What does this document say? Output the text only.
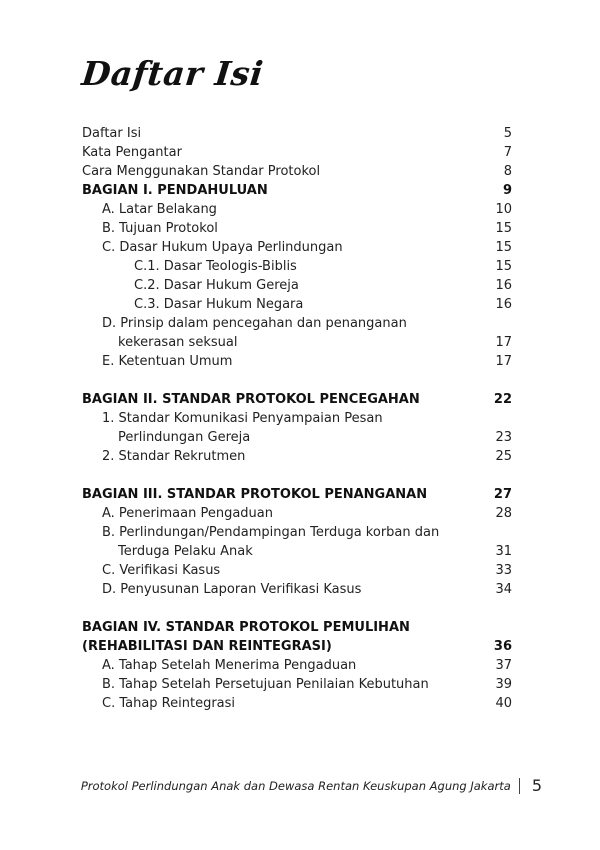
Daftar Isi
Daftar Isi	5
Kata Pengantar	7
Cara Menggunakan Standar Protokol	8
BAGIAN I. PENDAHULUAN	9
A. Latar Belakang	10
B. Tujuan Protokol	15
C. Dasar Hukum Upaya Perlindungan	15
C.1. Dasar Teologis-Biblis	15
C.2. Dasar Hukum Gereja	16
C.3. Dasar Hukum Negara	16
D. Prinsip dalam pencegahan dan penanganan
kekerasan seksual	17
E. Ketentuan Umum	17
BAGIAN II. STANDAR PROTOKOL PENCEGAHAN	22
1. Standar Komunikasi Penyampaian Pesan
Perlindungan Gereja	23
2. Standar Rekrutmen	25
BAGIAN III. STANDAR PROTOKOL PENANGANAN	27
A. Penerimaan Pengaduan	28
B. Perlindungan/Pendampingan Terduga korban dan
Terduga Pelaku Anak	31
C. Verifikasi Kasus	33
D. Penyusunan Laporan Verifikasi Kasus	34
BAGIAN IV. STANDAR PROTOKOL PEMULIHAN
(REHABILITASI DAN REINTEGRASI)	36
A. Tahap Setelah Menerima Pengaduan	37
B. Tahap Setelah Persetujuan Penilaian Kebutuhan	39
C. Tahap Reintegrasi	40
Protokol Perlindungan Anak dan Dewasa Rentan Keuskupan Agung Jakarta 5
